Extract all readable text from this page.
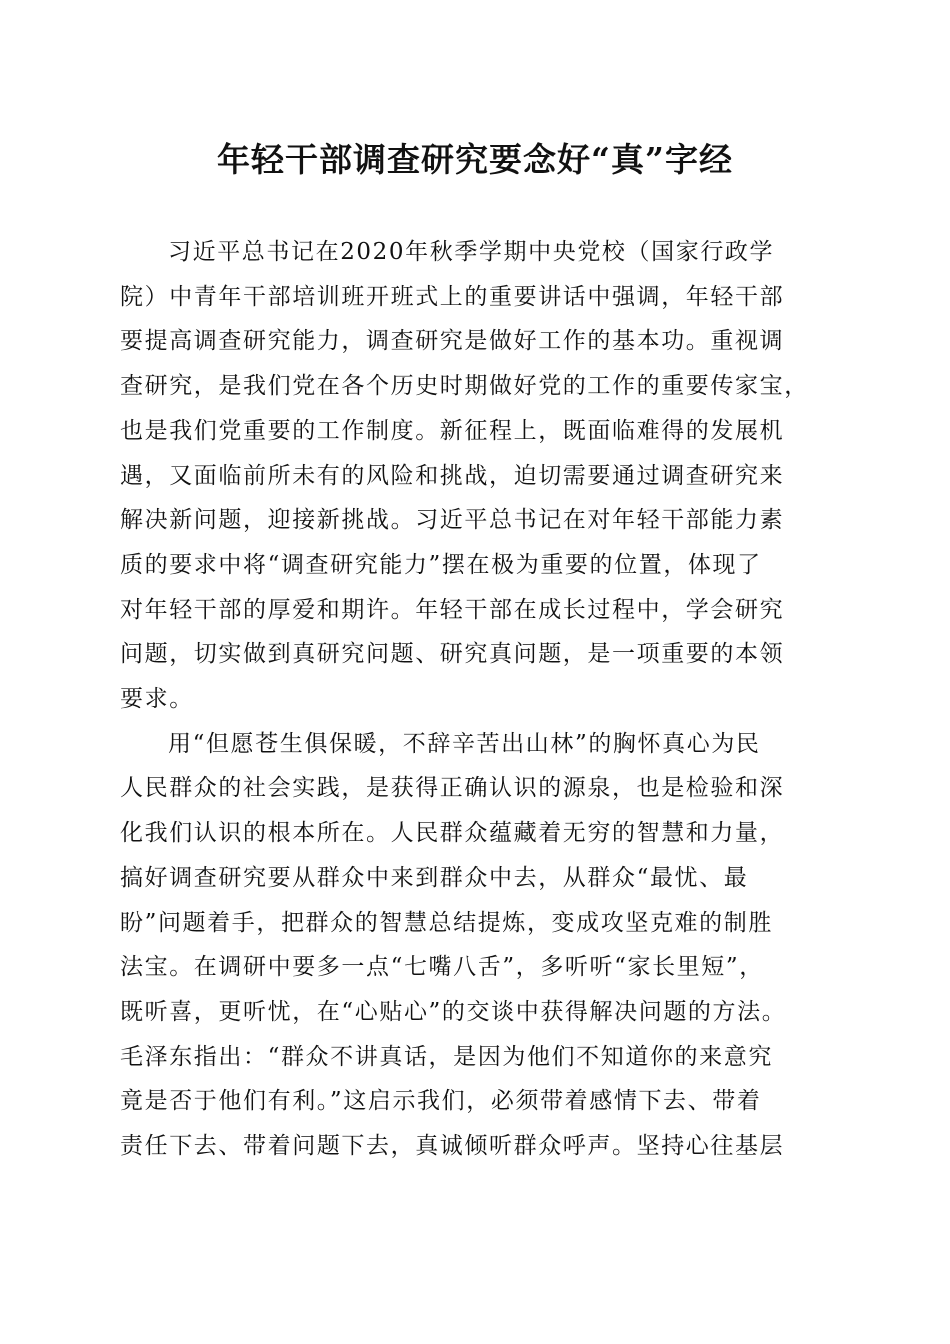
年轻干部调查研究要念好“真”字经

习近平总书记在2020年秋季学期中央党校（国家行政学

院）中青年干部培训班开班式上的重要讲话中强调，年轻干部

要提高调查研究能力，调查研究是做好工作的基本功。重视调

查研究，是我们党在各个历史时期做好党的工作的重要传家宝，

也是我们党重要的工作制度。新征程上，既面临难得的发展机

遇，又面临前所未有的风险和挑战，迫切需要通过调查研究来

解决新问题，迎接新挑战。习近平总书记在对年轻干部能力素

质的要求中将“调查研究能力”摆在极为重要的位置，体现了

对年轻干部的厚爱和期许。年轻干部在成长过程中，学会研究

问题，切实做到真研究问题、研究真问题，是一项重要的本领

要求。

用“但愿苍生俱保暖，不辞辛苦出山林”的胸怀真心为民

人民群众的社会实践，是获得正确认识的源泉，也是检验和深

化我们认识的根本所在。人民群众蕴藏着无穷的智慧和力量，

搞好调查研究要从群众中来到群众中去，从群众“最忧、最

盼”问题着手，把群众的智慧总结提炼，变成攻坚克难的制胜

法宝。在调研中要多一点“七嘴八舌”，多听听“家长里短”，

既听喜，更听忧，在“心贴心”的交谈中获得解决问题的方法。

毛泽东指出：“群众不讲真话，是因为他们不知道你的来意究

竟是否于他们有利。”这启示我们，必须带着感情下去、带着

责任下去、带着问题下去，真诚倾听群众呼声。坚持心往基层
